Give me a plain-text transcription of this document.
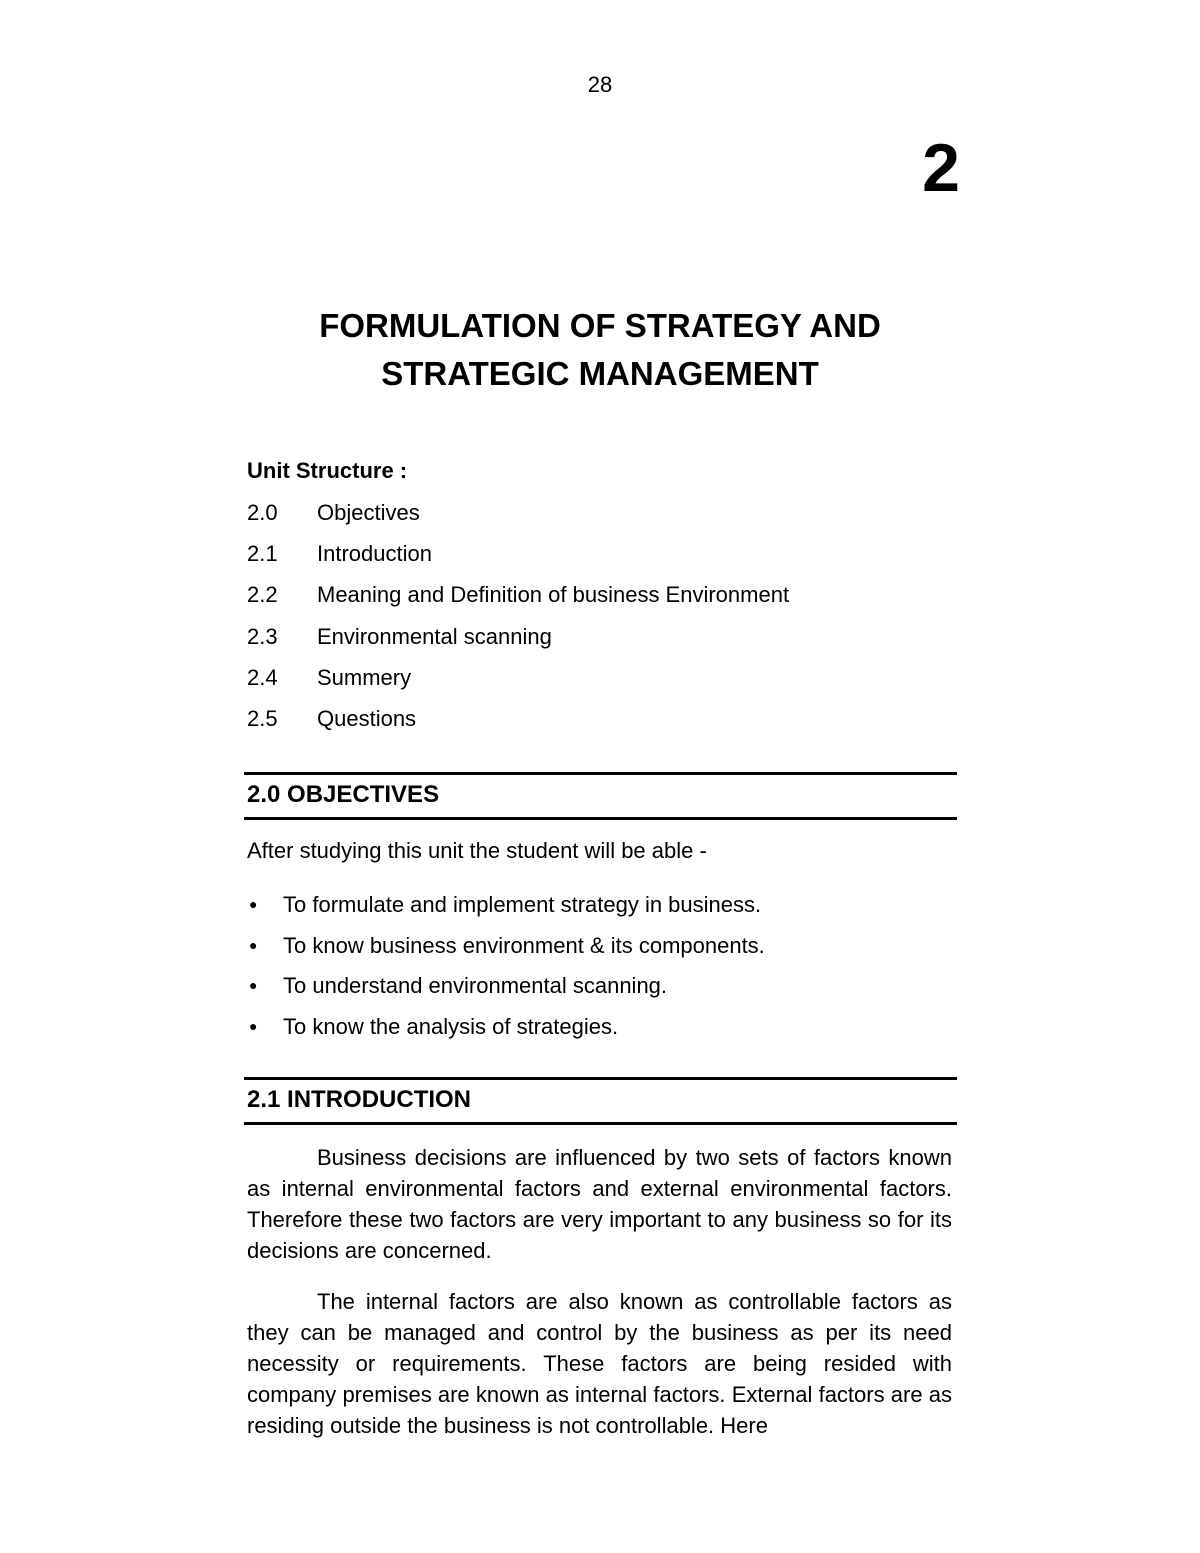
28
2
FORMULATION OF STRATEGY AND
STRATEGIC MANAGEMENT
Unit Structure :
2.0 Objectives
2.1 Introduction
2.2 Meaning and Definition of business Environment
2.3 Environmental scanning
2.4 Summery
2.5 Questions
2.0 OBJECTIVES
After studying this unit the student will be able -
● To formulate and implement strategy in business.
● To know business environment & its components.
● To understand environmental scanning.
● To know the analysis of strategies.
2.1 INTRODUCTION

Business decisions are influenced by two sets of factors known as internal environmental factors and external environmental factors. Therefore these two factors are very important to any business so for its decisions are concerned.

The internal factors are also known as controllable factors as they can be managed and control by the business as per its need necessity or requirements. These factors are being resided with company premises are known as internal factors. External factors are as residing outside the business is not controllable. Here
